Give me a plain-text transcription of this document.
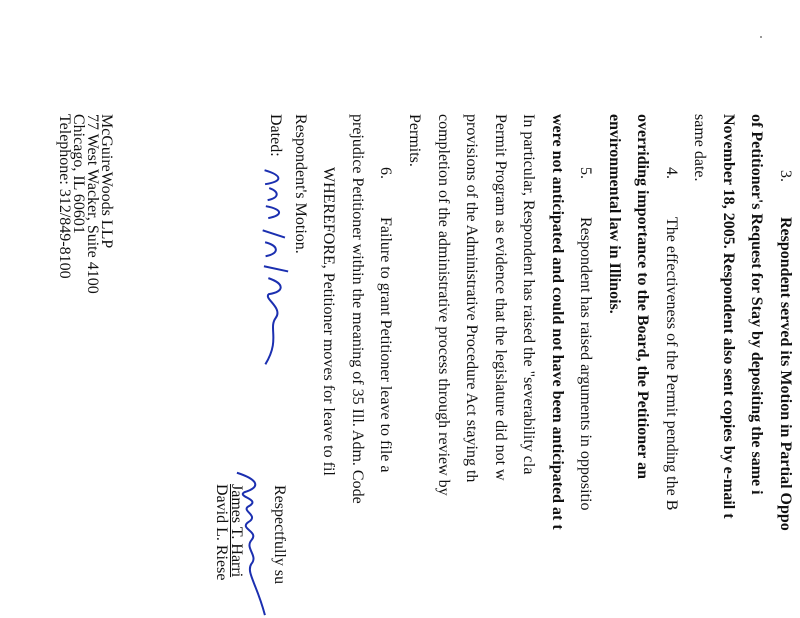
3.
Respondent served its Motion in Partial Oppo
of Petitioner's Request for Stay by depositing the same i
November 18, 2005. Respondent also sent copies by e-mail t
same date.
4.
The effectiveness of the Permit pending the B
overriding importance to the Board, the Petitioner an
environmental law in Illinois.
5.
Respondent has raised arguments in oppositio
were not anticipated and could not have been anticipated at t
In particular, Respondent has raised the "severability cla
Permit Program as evidence that the legislature did not w
provisions of the Administrative Procedure Act staying th
completion of the administrative process through review by
Permits.
6.
Failure to grant Petitioner leave to file a
prejudice Petitioner within the meaning of 35 Ill. Adm. Code
WHEREFORE, Petitioner moves for leave to fil
Respondent's Motion.
Respectfully su
James T. Harri
David L. Riese
Dated:
McGuireWoods LLP
77 West Wacker, Suite 4100
Chicago, IL 60601
Telephone: 312/849-8100
